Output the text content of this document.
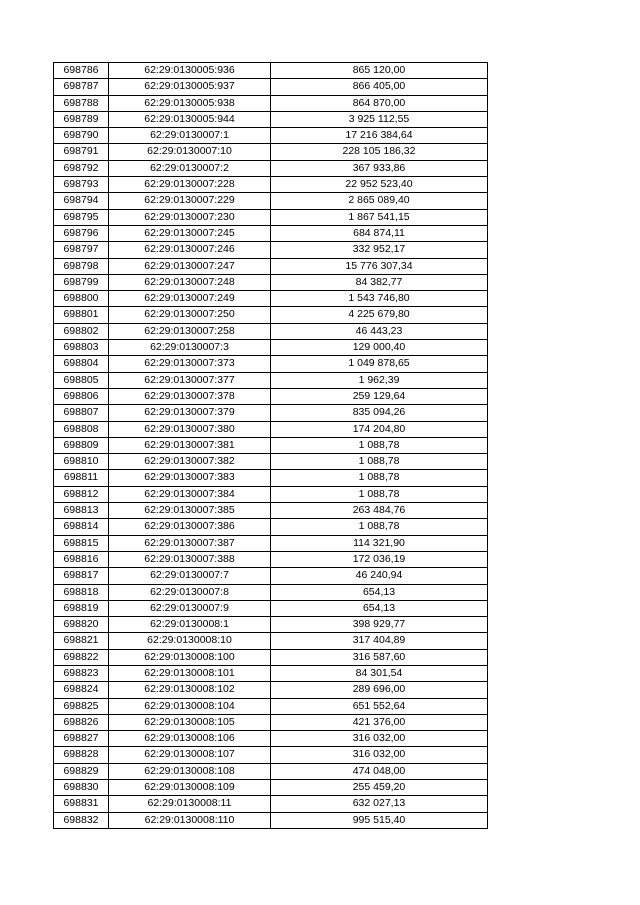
698786	62:29:0130005:936	865 120,00
698787	62:29:0130005:937	866 405,00
698788	62:29:0130005:938	864 870,00
698789	62:29:0130005:944	3 925 112,55
698790	62:29:0130007:1	17 216 384,64
698791	62:29:0130007:10	228 105 186,32
698792	62:29:0130007:2	367 933,86
698793	62:29:0130007:228	22 952 523,40
698794	62:29:0130007:229	2 865 089,40
698795	62:29:0130007:230	1 867 541,15
698796	62:29:0130007:245	684 874,11
698797	62:29:0130007:246	332 952,17
698798	62:29:0130007:247	15 776 307,34
698799	62:29:0130007:248	84 382,77
698800	62:29:0130007:249	1 543 746,80
698801	62:29:0130007:250	4 225 679,80
698802	62:29:0130007:258	46 443,23
698803	62:29:0130007:3	129 000,40
698804	62:29:0130007:373	1 049 878,65
698805	62:29:0130007:377	1 962,39
698806	62:29:0130007:378	259 129,64
698807	62:29:0130007:379	835 094,26
698808	62:29:0130007:380	174 204,80
698809	62:29:0130007:381	1 088,78
698810	62:29:0130007:382	1 088,78
698811	62:29:0130007:383	1 088,78
698812	62:29:0130007:384	1 088,78
698813	62:29:0130007:385	263 484,76
698814	62:29:0130007:386	1 088,78
698815	62:29:0130007:387	114 321,90
698816	62:29:0130007:388	172 036,19
698817	62:29:0130007:7	46 240,94
698818	62:29:0130007:8	654,13
698819	62:29:0130007:9	654,13
698820	62:29:0130008:1	398 929,77
698821	62:29:0130008:10	317 404,89
698822	62:29:0130008:100	316 587,60
698823	62:29:0130008:101	84 301,54
698824	62:29:0130008:102	289 696,00
698825	62:29:0130008:104	651 552,64
698826	62:29:0130008:105	421 376,00
698827	62:29:0130008:106	316 032,00
698828	62:29:0130008:107	316 032,00
698829	62:29:0130008:108	474 048,00
698830	62:29:0130008:109	255 459,20
698831	62:29:0130008:11	632 027,13
698832	62:29:0130008:110	995 515,40
